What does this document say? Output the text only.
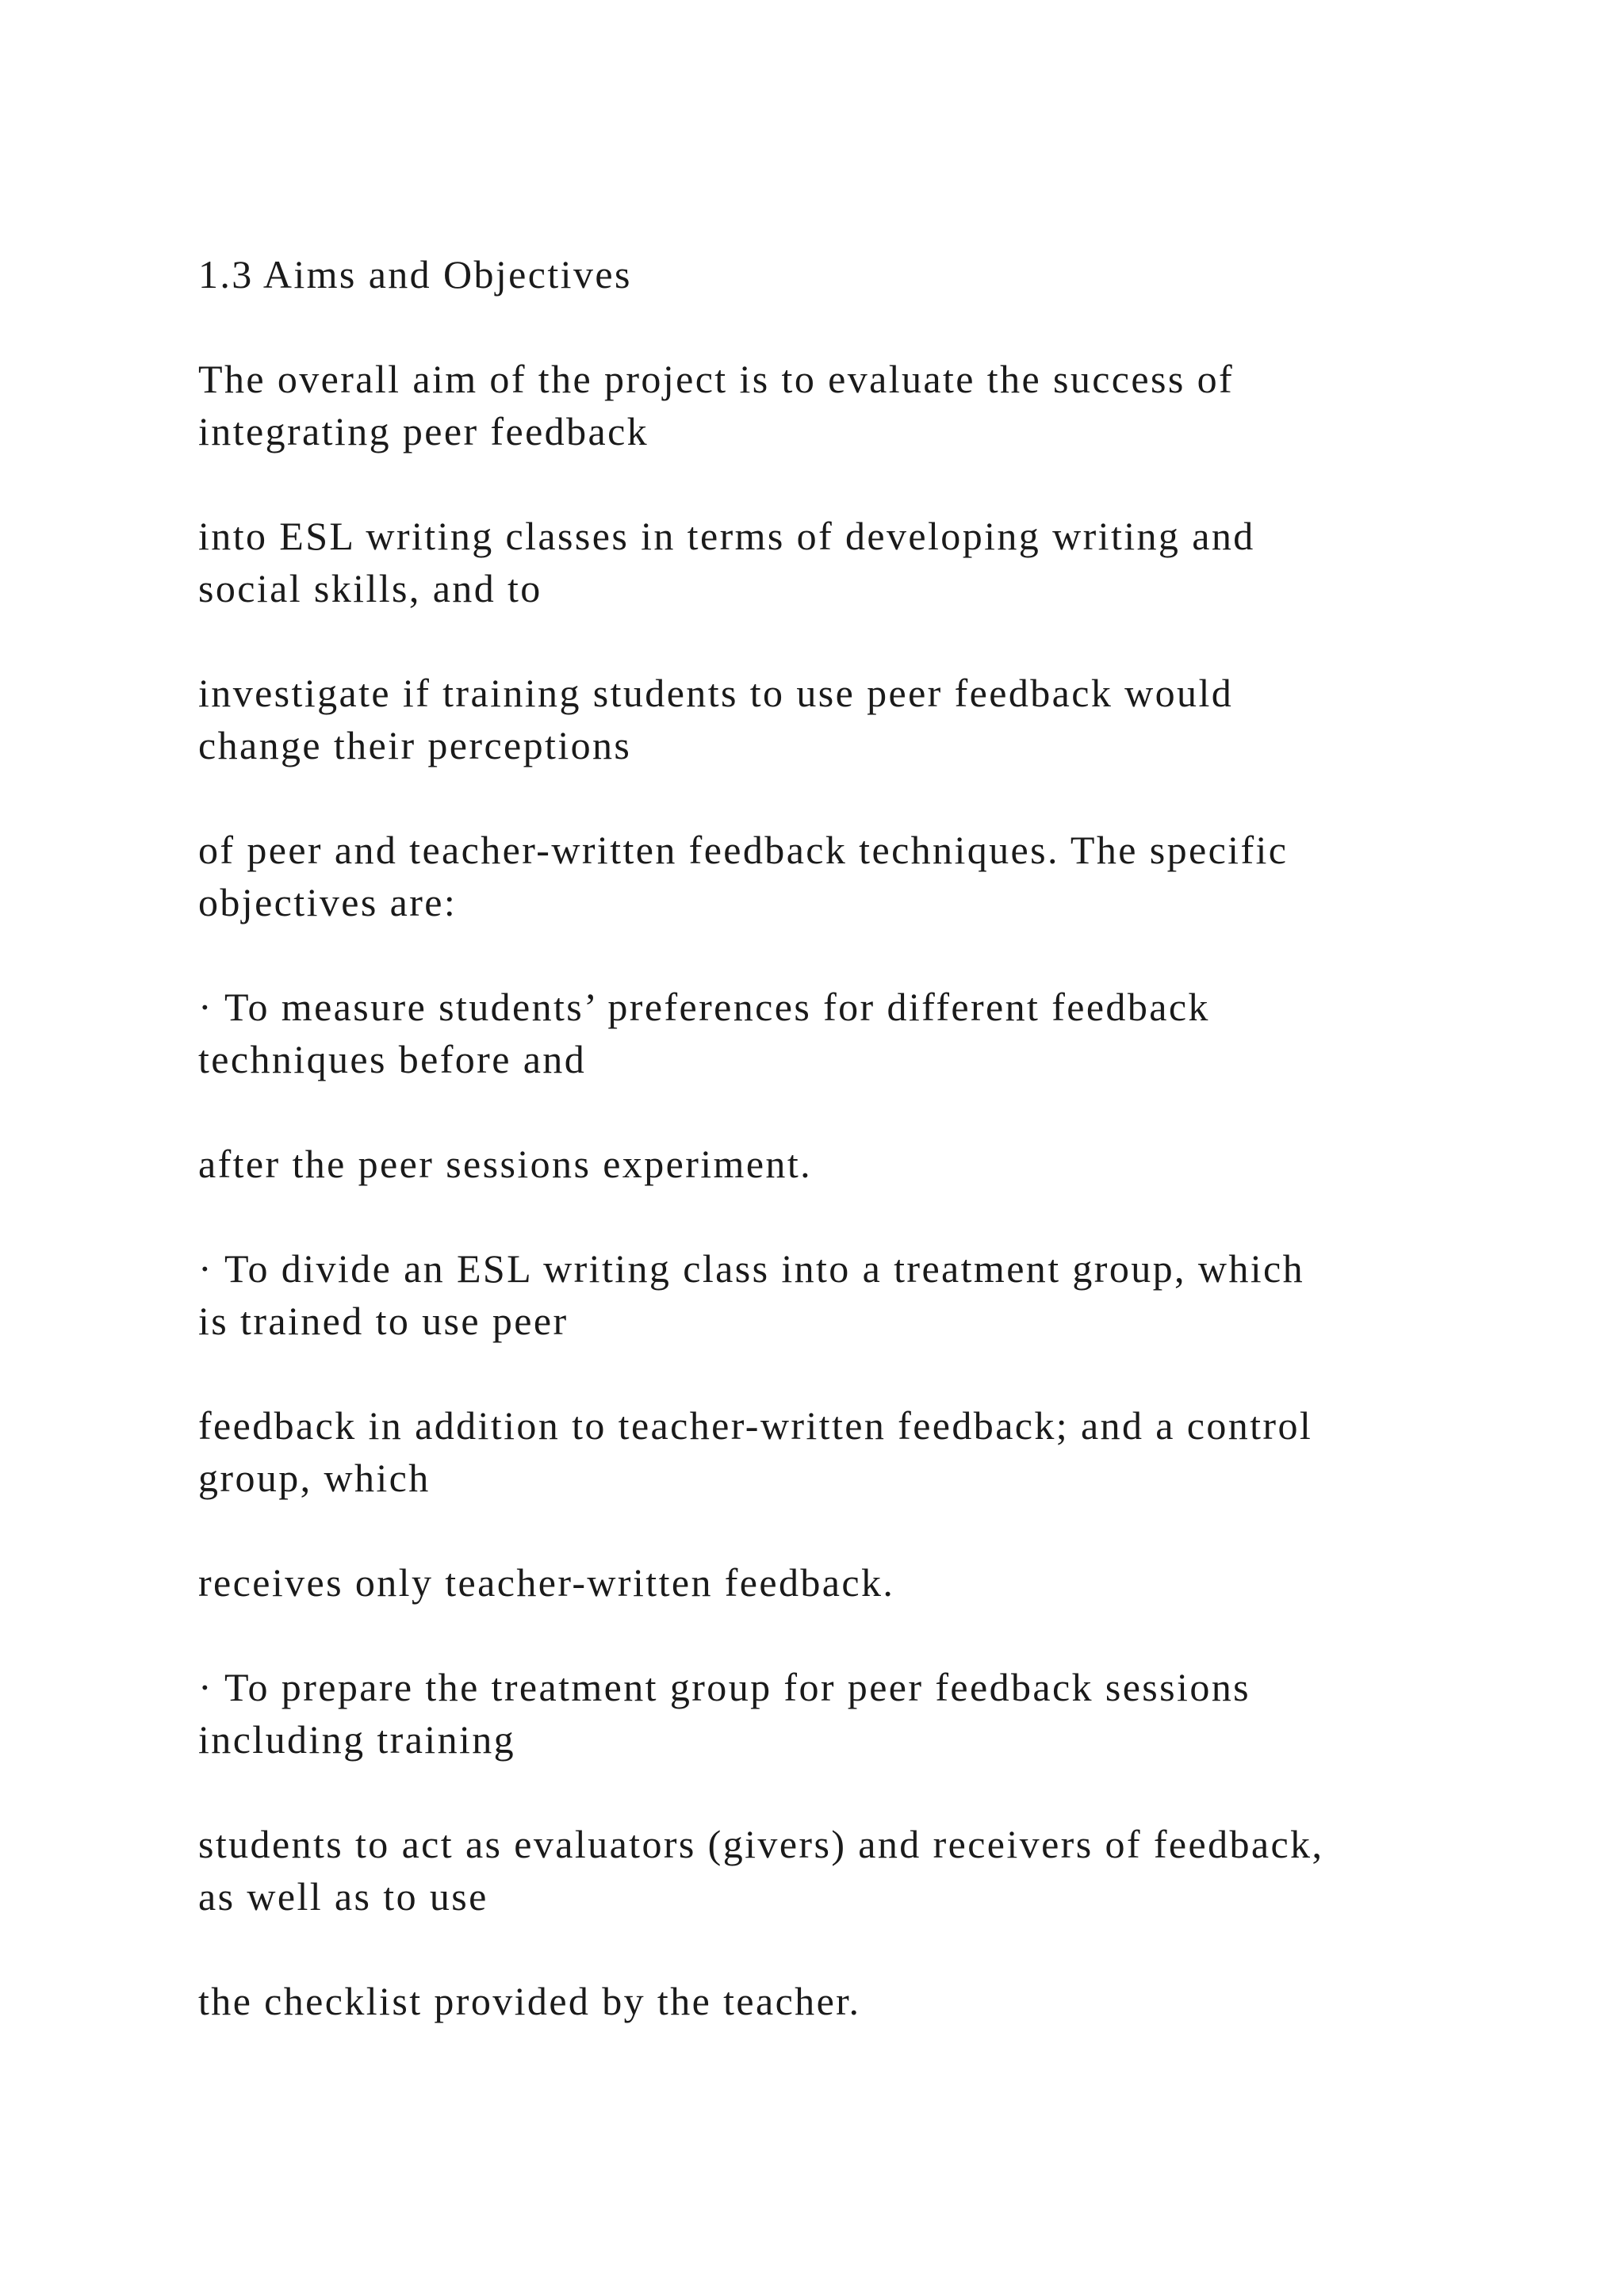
1.3 Aims and Objectives

The overall aim of the project is to evaluate the success of

integrating peer feedback

into ESL writing classes in terms of developing writing and

social skills, and to

investigate if training students to use peer feedback would

change their perceptions

of peer and teacher-written feedback techniques. The specific

objectives are:

· To measure students’ preferences for different feedback

techniques before and

after the peer sessions experiment.

· To divide an ESL writing class into a treatment group, which

is trained to use peer

feedback in addition to teacher-written feedback; and a control

group, which

receives only teacher-written feedback.

· To prepare the treatment group for peer feedback sessions

including training

students to act as evaluators (givers) and receivers of feedback,

as well as to use

the checklist provided by the teacher.
